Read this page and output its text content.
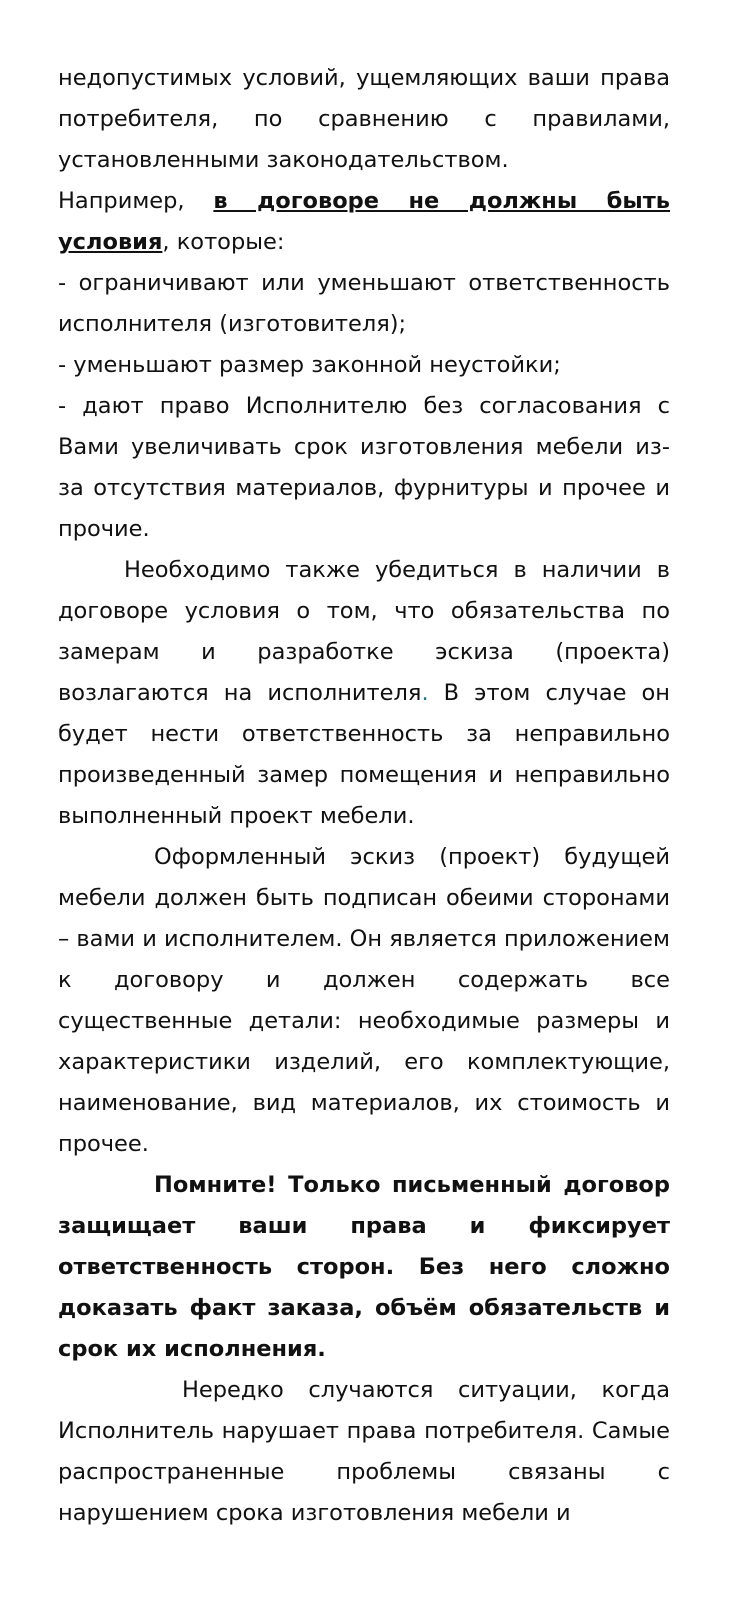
недопустимых условий, ущемляющих ваши права потребителя, по сравнению с правилами, установленными законодательством.

Например, в договоре не должны быть условия, которые:

- ограничивают или уменьшают ответственность исполнителя (изготовителя);

- уменьшают размер законной неустойки;

- дают право Исполнителю без согласования с Вами увеличивать срок изготовления мебели из-за отсутствия материалов, фурнитуры и прочее и прочие.

Необходимо также убедиться в наличии в договоре условия о том, что обязательства по замерам и разработке эскиза (проекта) возлагаются на исполнителя. В этом случае он будет нести ответственность за неправильно произведенный замер помещения и неправильно выполненный проект мебели.

Оформленный эскиз (проект) будущей мебели должен быть подписан обеими сторонами – вами и исполнителем. Он является приложением к договору и должен содержать все существенные детали: необходимые размеры и характеристики изделий, его комплектующие, наименование, вид материалов, их стоимость и прочее.

Помните! Только письменный договор защищает ваши права и фиксирует ответственность сторон. Без него сложно доказать факт заказа, объём обязательств и срок их исполнения.

Нередко случаются ситуации, когда Исполнитель нарушает права потребителя. Самые распространенные проблемы связаны с нарушением срока изготовления мебели и
